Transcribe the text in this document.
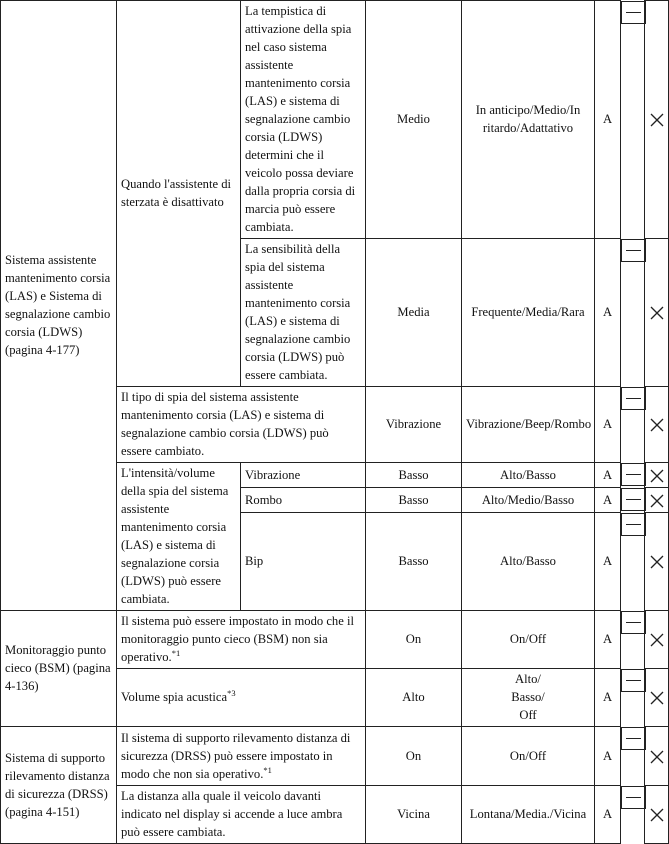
Sistema assistente mantenimento corsia (LAS) e Sistema di segnalazione cambio corsia (LDWS) (pagina 4-177)	Quando l'assistente di sterzata è disattivato	La tempistica di attivazione della spia nel caso sistema assistente mantenimento corsia (LAS) e sistema di segnalazione cambio corsia (LDWS) determini che il veicolo possa deviare dalla propria corsia di marcia può essere cambiata.	Medio	In anticipo/Medio/In ritardo/Adattativo	A	

		La sensibilità della spia del sistema assistente mantenimento corsia (LAS) e sistema di segnalazione cambio corsia (LDWS) può essere cambiata.	Media	Frequente/Media/Rara	A	

	Il tipo di spia del sistema assistente mantenimento corsia (LAS) e sistema di segnalazione cambio corsia (LDWS) può essere cambiato.		Vibrazione	Vibrazione/Beep/Rombo	A	

	L'intensità/volume della spia del sistema assistente mantenimento corsia (LAS) e sistema di segnalazione corsia (LDWS) può essere cambiata.	Vibrazione	Basso	Alto/Basso	A	

		Rombo	Basso	Alto/Medio/Basso	A	

		Bip	Basso	Alto/Basso	A	

Monitoraggio punto cieco (BSM) (pagina 4-136)	Il sistema può essere impostato in modo che il monitoraggio punto cieco (BSM) non sia operativo.$^{*1}$		On	On/Off	A	

	Volume spia acustica$^{*3}$		Alto	Alto/
Basso/
Off	A	

Sistema di supporto rilevamento distanza di sicurezza (DRSS) (pagina 4-151)	Il sistema di supporto rilevamento distanza di sicurezza (DRSS) può essere impostato in modo che non sia operativo.$^{*1}$		On	On/Off	A	

	La distanza alla quale il veicolo davanti indicato nel display si accende a luce ambra può essere cambiata.		Vicina	Lontana/Media./Vicina	A	
